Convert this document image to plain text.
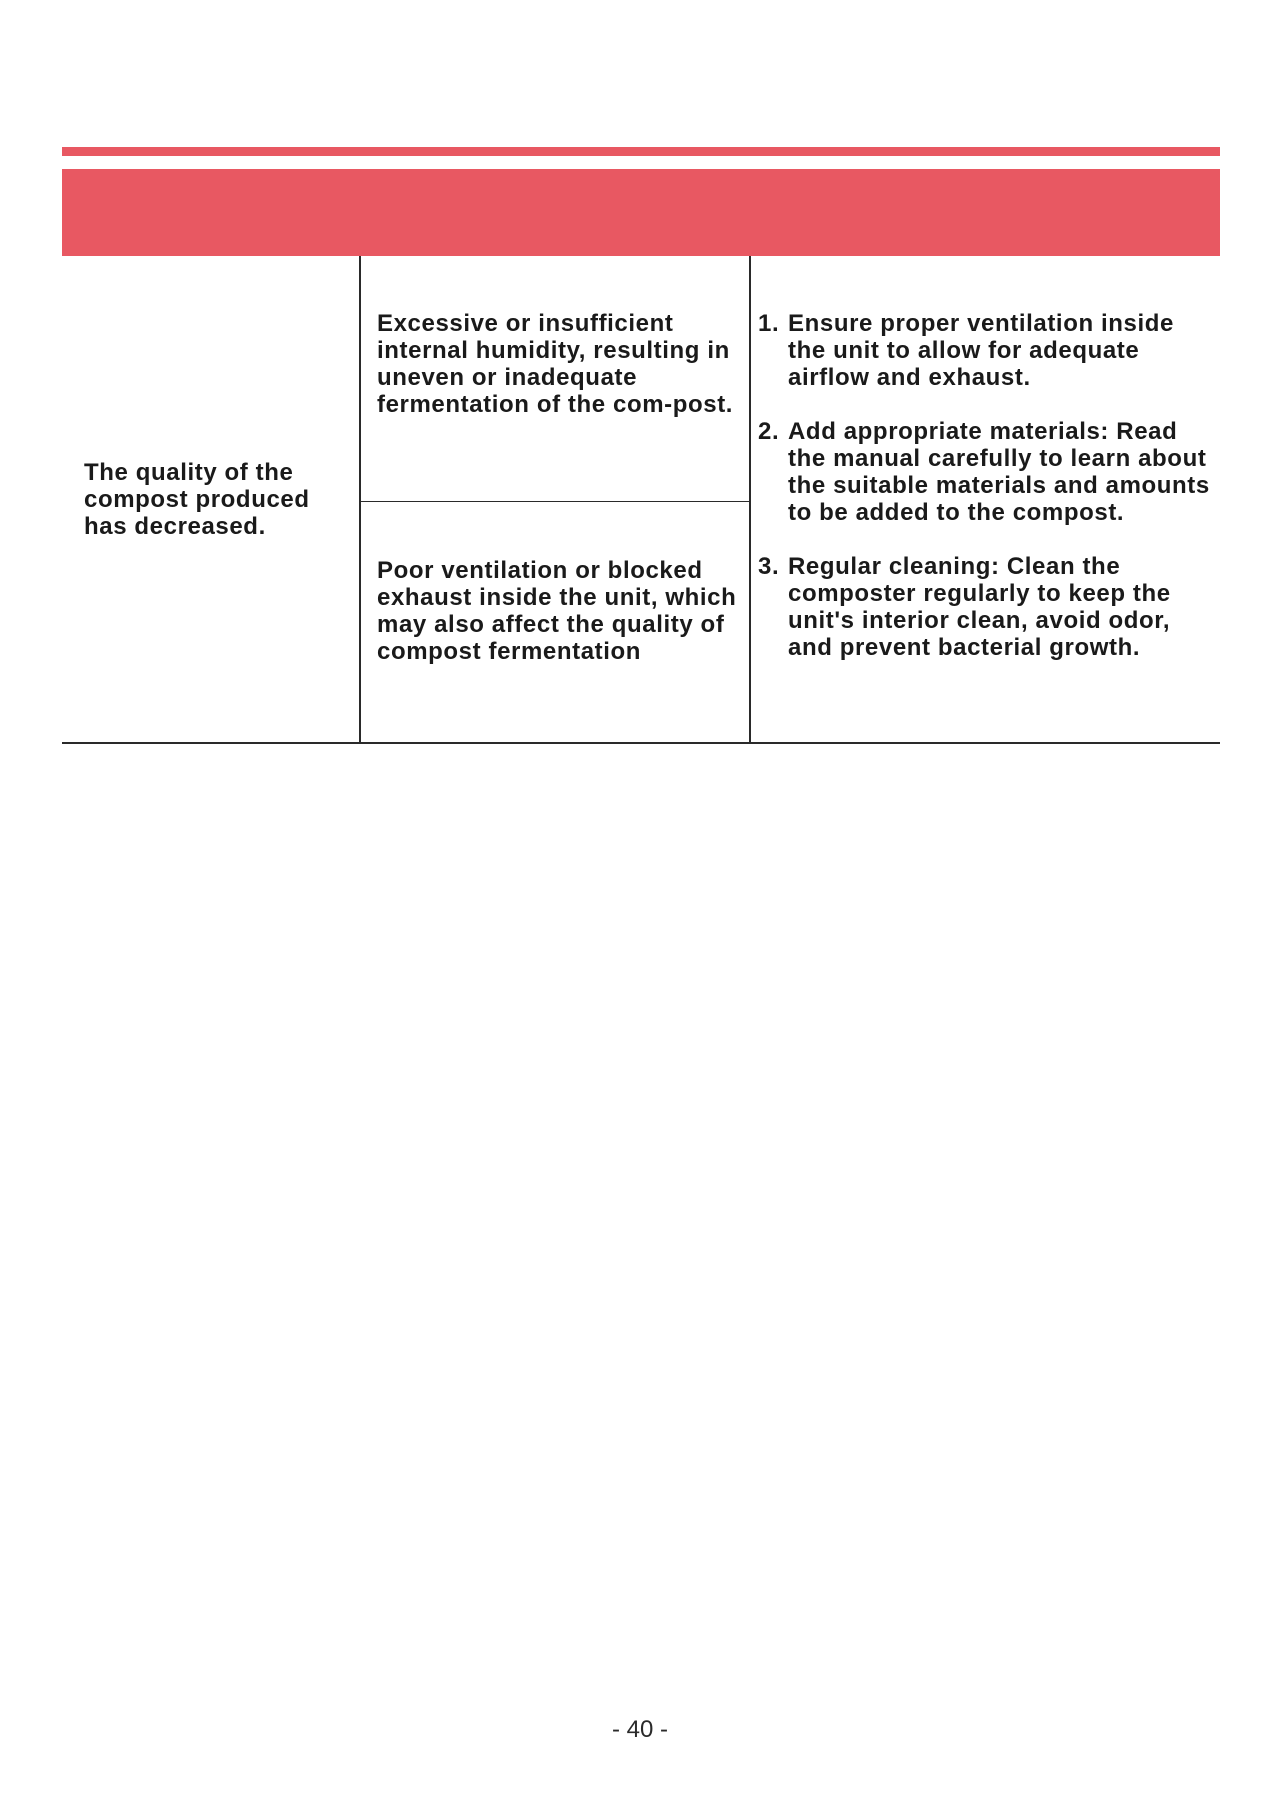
The quality of the compost produced has decreased.

Excessive or insufficient internal humidity, resulting in uneven or inadequate fermentation of the com-post.

Poor ventilation or blocked exhaust inside the unit, which may also affect the quality of compost fermentation

1. Ensure proper ventilation inside the unit to allow for adequate airflow and exhaust.
2. Add appropriate materials: Read the manual carefully to learn about the suitable materials and amounts to be added to the compost.
3. Regular cleaning: Clean the composter regularly to keep the unit's interior clean, avoid odor, and prevent bacterial growth.
- 40 -
